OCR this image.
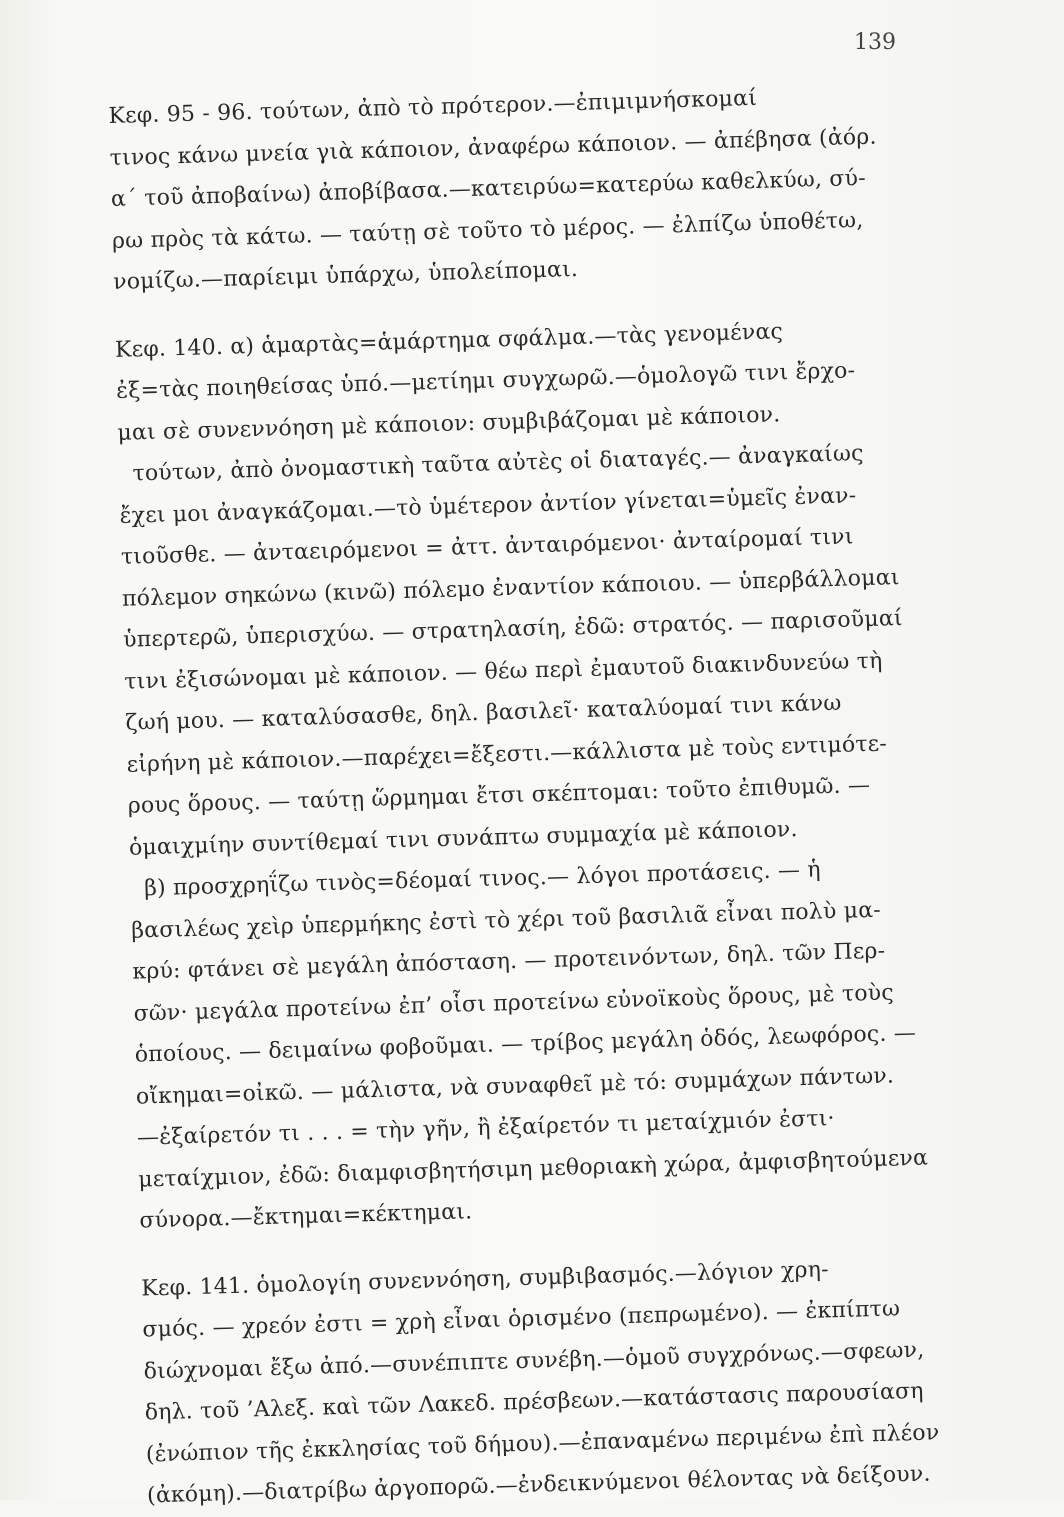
139
Κεφ. 95 - 96. τούτων, ἀπὸ τὸ πρότερον.—ἐπιμιμνήσκομαί
τινος κάνω μνεία γιὰ κάποιον, ἀναφέρω κάποιον. — ἀπέβησα (ἀόρ.
α΄ τοῦ ἀποβαίνω) ἀποβίβασα.—κατειρύω=κατερύω καθελκύω, σύ-
ρω πρὸς τὰ κάτω. — ταύτῃ σὲ τοῦτο τὸ μέρος. — ἐλπίζω ὑποθέτω,
νομίζω.—παρίειμι ὑπάρχω, ὑπολείπομαι.
Κεφ. 140. α) ἁμαρτὰς=ἁμάρτημα σφάλμα.—τὰς γενομένας
ἐξ=τὰς ποιηθείσας ὑπό.—μετίημι συγχωρῶ.—ὁμολογῶ τινι ἔρχο-
μαι σὲ συνεννόηση μὲ κάποιον: συμβιβάζομαι μὲ κάποιον.
τούτων, ἀπὸ ὀνομαστικὴ ταῦτα αὐτὲς οἱ διαταγές.— ἀναγκαίως
ἔχει μοι ἀναγκάζομαι.—τὸ ὑμέτερον ἀντίον γίνεται=ὑμεῖς ἐναν-
τιοῦσθε. — ἀνταειρόμενοι = ἀττ. ἀνταιρόμενοι· ἀνταίρομαί τινι
πόλεμον σηκώνω (κινῶ) πόλεμο ἐναντίον κάποιου. — ὑπερβάλλομαι
ὑπερτερῶ, ὑπερισχύω. — στρατηλασίη, ἐδῶ: στρατός. — παρισοῦμαί
τινι ἐξισώνομαι μὲ κάποιον. — θέω περὶ ἐμαυτοῦ διακινδυνεύω τὴ
ζωή μου. — καταλύσασθε, δηλ. βασιλεῖ· καταλύομαί τινι κάνω
εἰρήνη μὲ κάποιον.—παρέχει=ἔξεστι.—κάλλιστα μὲ τοὺς εντιμότε-
ρους ὅρους. — ταύτῃ ὥρμημαι ἔτσι σκέπτομαι: τοῦτο ἐπιθυμῶ. —
ὁμαιχμίην συντίθεμαί τινι συνάπτω συμμαχία μὲ κάποιον.
β) προσχρηΐζω τινὸς=δέομαί τινος.— λόγοι προτάσεις. — ἡ
βασιλέως χεὶρ ὑπερμήκης ἐστὶ τὸ χέρι τοῦ βασιλιᾶ εἶναι πολὺ μα-
κρύ: φτάνει σὲ μεγάλη ἀπόσταση. — προτεινόντων, δηλ. τῶν Περ-
σῶν· μεγάλα προτείνω ἐπ’ οἷσι προτείνω εὐνοϊκοὺς ὅρους, μὲ τοὺς
ὁποίους. — δειμαίνω φοβοῦμαι. — τρίβος μεγάλη ὁδός, λεωφόρος. —
οἴκημαι=οἰκῶ. — μάλιστα, νὰ συναφθεῖ μὲ τό: συμμάχων πάντων.
—ἐξαίρετόν τι . . . = τὴν γῆν, ἢ ἐξαίρετόν τι μεταίχμιόν ἐστι·
μεταίχμιον, ἐδῶ: διαμφισβητήσιμη μεθοριακὴ χώρα, ἀμφισβητούμενα
σύνορα.—ἔκτημαι=κέκτημαι.
Κεφ. 141. ὁμολογίη συνεννόηση, συμβιβασμός.—λόγιον χρη-
σμός. — χρεόν ἐστι = χρὴ εἶναι ὁρισμένο (πεπρωμένο). — ἐκπίπτω
διώχνομαι ἔξω ἀπό.—συνέπιπτε συνέβη.—ὁμοῦ συγχρόνως.—σφεων,
δηλ. τοῦ ’Αλεξ. καὶ τῶν Λακεδ. πρέσβεων.—κατάστασις παρουσίαση
(ἐνώπιον τῆς ἐκκλησίας τοῦ δήμου).—ἐπαναμένω περιμένω ἐπὶ πλέον
(ἀκόμη).—διατρίβω ἀργοπορῶ.—ἐνδεικνύμενοι θέλοντας νὰ δείξουν.
